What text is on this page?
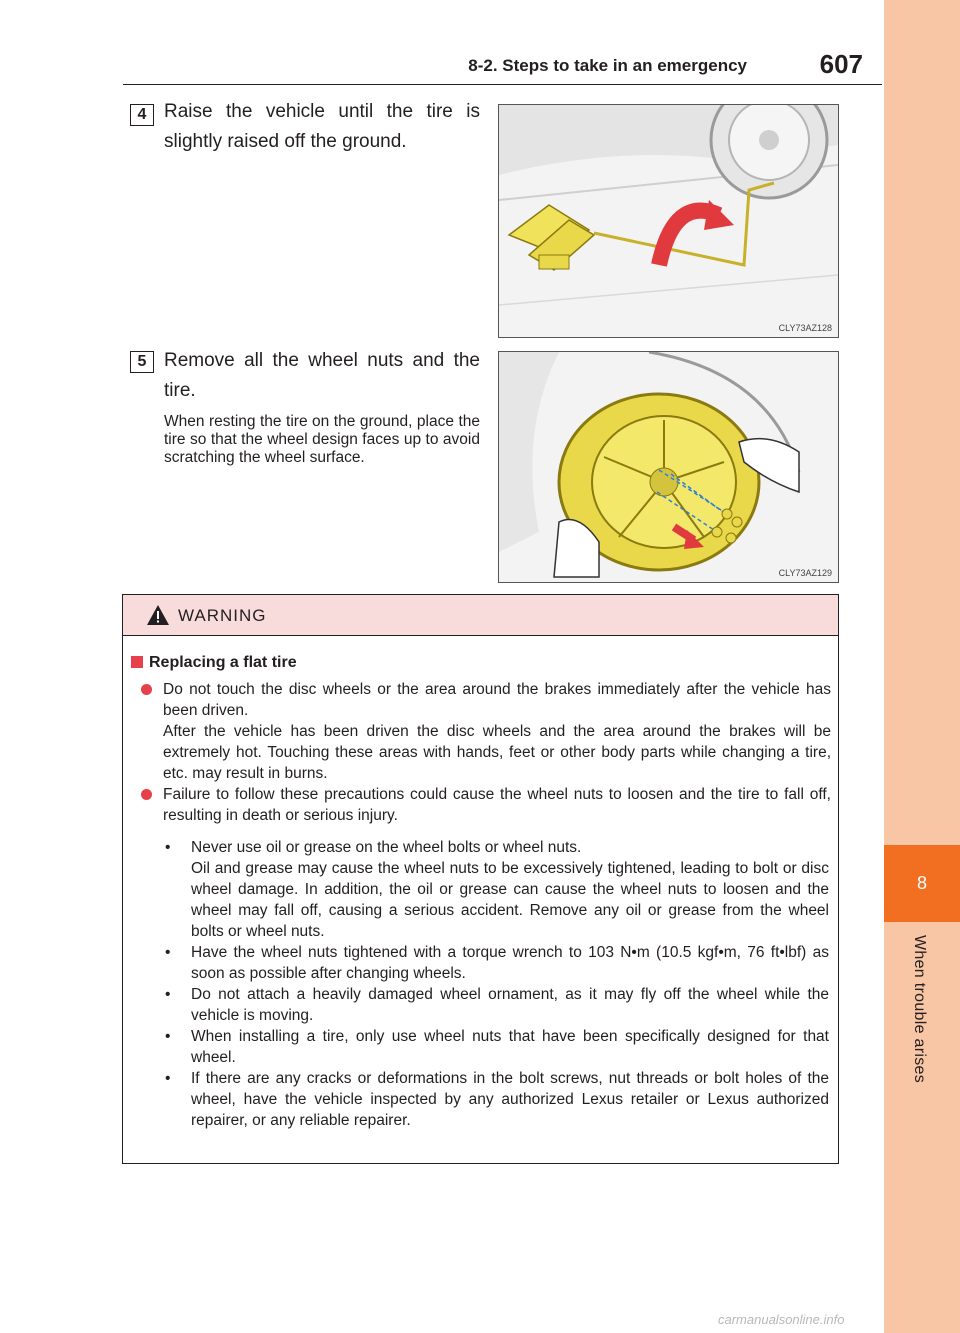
8
When trouble arises
8-2. Steps to take in an emergency	607
4 Raise the vehicle until the tire is slightly raised off the ground.
CLY73AZ128
5 Remove all the wheel nuts and the tire.
When resting the tire on the ground, place the tire so that the wheel design faces up to avoid scratching the wheel surface.
CLY73AZ129
WARNING
Replacing a flat tire
Do not touch the disc wheels or the area around the brakes immediately after the vehicle has been driven.
After the vehicle has been driven the disc wheels and the area around the brakes will be extremely hot. Touching these areas with hands, feet or other body parts while changing a tire, etc. may result in burns.
Failure to follow these precautions could cause the wheel nuts to loosen and the tire to fall off, resulting in death or serious injury.
• Never use oil or grease on the wheel bolts or wheel nuts.
Oil and grease may cause the wheel nuts to be excessively tightened, leading to bolt or disc wheel damage. In addition, the oil or grease can cause the wheel nuts to loosen and the wheel may fall off, causing a serious accident. Remove any oil or grease from the wheel bolts or wheel nuts.
• Have the wheel nuts tightened with a torque wrench to 103 N•m (10.5 kgf•m, 76 ft•lbf) as soon as possible after changing wheels.
• Do not attach a heavily damaged wheel ornament, as it may fly off the wheel while the vehicle is moving.
• When installing a tire, only use wheel nuts that have been specifically designed for that wheel.
• If there are any cracks or deformations in the bolt screws, nut threads or bolt holes of the wheel, have the vehicle inspected by any authorized Lexus retailer or Lexus authorized repairer, or any reliable repairer.
carmanualsonline.info
